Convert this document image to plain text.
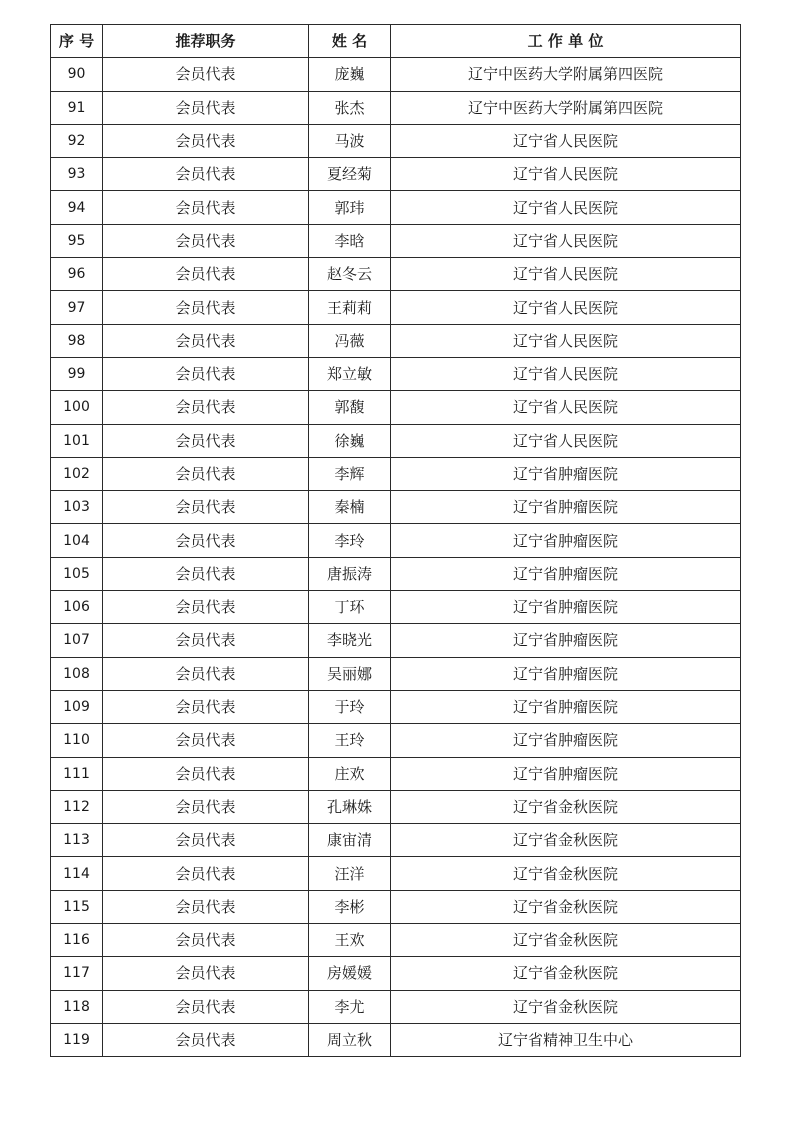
序 号	推荐职务	姓 名	工 作 单 位
90	会员代表	庞巍	辽宁中医药大学附属第四医院
91	会员代表	张杰	辽宁中医药大学附属第四医院
92	会员代表	马波	辽宁省人民医院
93	会员代表	夏经菊	辽宁省人民医院
94	会员代表	郭玮	辽宁省人民医院
95	会员代表	李晗	辽宁省人民医院
96	会员代表	赵冬云	辽宁省人民医院
97	会员代表	王莉莉	辽宁省人民医院
98	会员代表	冯薇	辽宁省人民医院
99	会员代表	郑立敏	辽宁省人民医院
100	会员代表	郭馥	辽宁省人民医院
101	会员代表	徐巍	辽宁省人民医院
102	会员代表	李辉	辽宁省肿瘤医院
103	会员代表	秦楠	辽宁省肿瘤医院
104	会员代表	李玲	辽宁省肿瘤医院
105	会员代表	唐振涛	辽宁省肿瘤医院
106	会员代表	丁环	辽宁省肿瘤医院
107	会员代表	李晓光	辽宁省肿瘤医院
108	会员代表	吴丽娜	辽宁省肿瘤医院
109	会员代表	于玲	辽宁省肿瘤医院
110	会员代表	王玲	辽宁省肿瘤医院
111	会员代表	庄欢	辽宁省肿瘤医院
112	会员代表	孔琳姝	辽宁省金秋医院
113	会员代表	康宙清	辽宁省金秋医院
114	会员代表	汪洋	辽宁省金秋医院
115	会员代表	李彬	辽宁省金秋医院
116	会员代表	王欢	辽宁省金秋医院
117	会员代表	房媛媛	辽宁省金秋医院
118	会员代表	李尤	辽宁省金秋医院
119	会员代表	周立秋	辽宁省精神卫生中心
